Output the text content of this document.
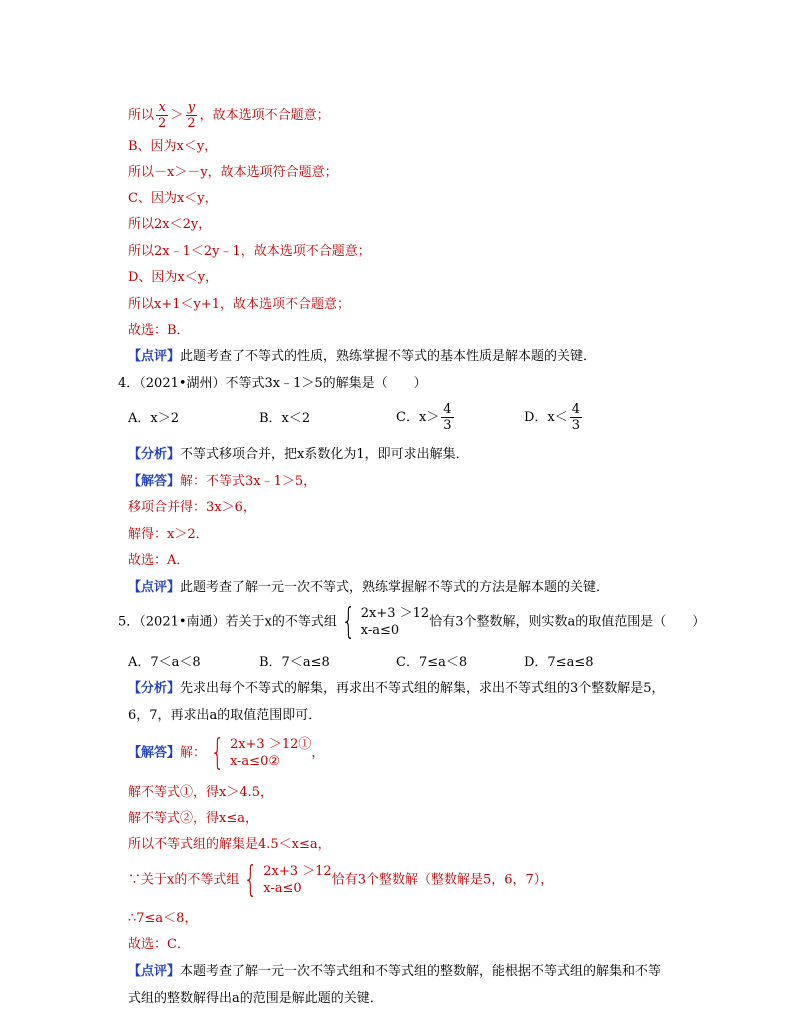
所以 $\frac{x}{2} > \frac{y}{2}$ ，故本选项不合题意；
B、因为x＜y，
所以－x＞－y，故本选项符合题意；
C、因为x＜y，
所以2x＜2y，
所以2x﹣1＜2y﹣1，故本选项不合题意；
D、因为x＜y，
所以x+1＜y+1，故本选项不合题意；
故选：B．
【点评】此题考查了不等式的性质，熟练掌握不等式的基本性质是解本题的关键．
4．（2021•湖州）不等式3x﹣1＞5的解集是（　　）
A．x＞2	B．x＜2	C．$x> \frac{4}{3}$	D．$x< \frac{4}{3}$
【分析】不等式移项合并，把x系数化为1，即可求出解集．
【解答】解：不等式3x﹣1＞5，
移项合并得：3x＞6，
解得：x＞2．
故选：A．
【点评】此题考查了解一元一次不等式，熟练掌握解不等式的方法是解本题的关键．
5．（2021•南通）若关于x的不等式组 { 2x+3 ＞12
x-a≤0
恰有3个整数解，则实数a的取值范围是（　　）
A．7＜a＜8	B．7＜a≤8	C．7≤a＜8	D．7≤a≤8
【分析】先求出每个不等式的解集，再求出不等式组的解集，求出不等式组的3个整数解是5，
6，7，再求出a的取值范围即可．
【解答】解： { 2x+3 ＞12①
x-a≤0②
，
解不等式①，得x＞4.5，
解不等式②，得x≤a，
所以不等式组的解集是4.5＜x≤a，
∵关于x的不等式组 { 2x+3 ＞12
x-a≤0
恰有3个整数解（整数解是5，6，7），
∴7≤a＜8，
故选：C．
【点评】本题考查了解一元一次不等式组和不等式组的整数解，能根据不等式组的解集和不等
式组的整数解得出a的范围是解此题的关键．
